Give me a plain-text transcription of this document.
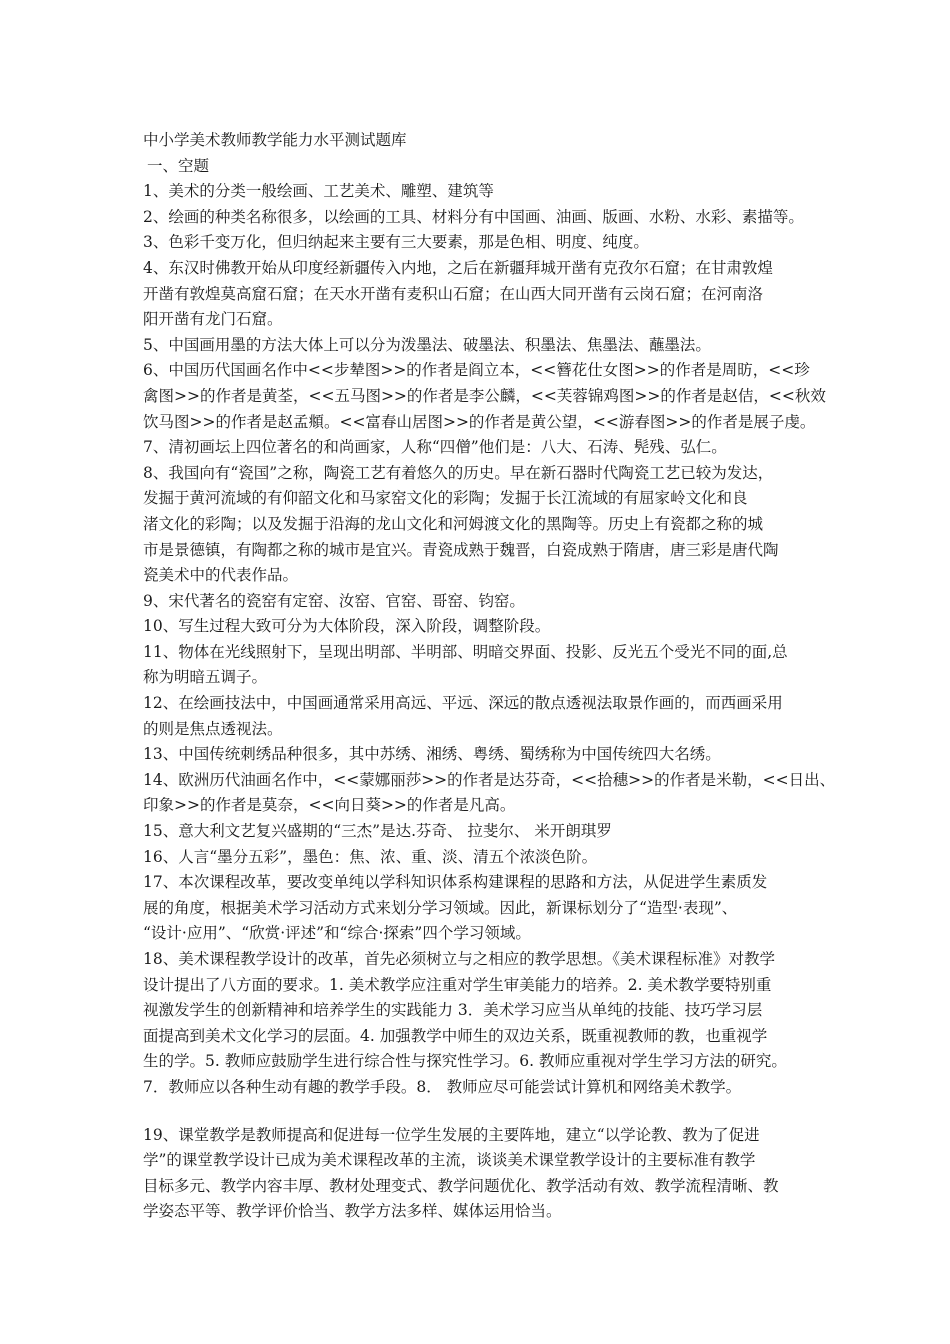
中小学美术教师教学能力水平测试题库

一、空题

1、美术的分类一般绘画、工艺美术、雕塑、建筑等

2、绘画的种类名称很多，以绘画的工具、材料分有中国画、油画、版画、水粉、水彩、素描等。

3、色彩千变万化，但归纳起来主要有三大要素，那是色相、明度、纯度。

4、东汉时佛教开始从印度经新疆传入内地，之后在新疆拜城开凿有克孜尔石窟；在甘肃敦煌

开凿有敦煌莫高窟石窟；在天水开凿有麦积山石窟；在山西大同开凿有云岗石窟；在河南洛

阳开凿有龙门石窟。

5、中国画用墨的方法大体上可以分为泼墨法、破墨法、积墨法、焦墨法、蘸墨法。

6、中国历代国画名作中<<步辇图>>的作者是阎立本，<<簪花仕女图>>的作者是周昉，<<珍

禽图>>的作者是黄荃，<<五马图>>的作者是李公麟，<<芙蓉锦鸡图>>的作者是赵佶，<<秋效

饮马图>>的作者是赵孟頫。<<富春山居图>>的作者是黄公望，<<游春图>>的作者是展子虔。

7、清初画坛上四位著名的和尚画家，人称“四僧”他们是：八大、石涛、髡残、弘仁。

8、我国向有“瓷国”之称，陶瓷工艺有着悠久的历史。早在新石器时代陶瓷工艺已较为发达，

发掘于黄河流域的有仰韶文化和马家窑文化的彩陶；发掘于长江流域的有屈家岭文化和良

渚文化的彩陶；以及发掘于沿海的龙山文化和河姆渡文化的黑陶等。历史上有瓷都之称的城

市是景德镇，有陶都之称的城市是宜兴。青瓷成熟于魏晋，白瓷成熟于隋唐，唐三彩是唐代陶

瓷美术中的代表作品。

9、宋代著名的瓷窑有定窑、汝窑、官窑、哥窑、钧窑。

10、写生过程大致可分为大体阶段，深入阶段，调整阶段。

11、物体在光线照射下，呈现出明部、半明部、明暗交界面、投影、反光五个受光不同的面,总

称为明暗五调子。

12、在绘画技法中，中国画通常采用高远、平远、深远的散点透视法取景作画的，而西画采用

的则是焦点透视法。

13、中国传统刺绣品种很多，其中苏绣、湘绣、粤绣、蜀绣称为中国传统四大名绣。

14、欧洲历代油画名作中，<<蒙娜丽莎>>的作者是达芬奇，<<拾穗>>的作者是米勒，<<日出、

印象>>的作者是莫奈，<<向日葵>>的作者是凡高。

15、意大利文艺复兴盛期的“三杰”是达.芬奇、 拉斐尔、 米开朗琪罗

16、人言“墨分五彩”，墨色：焦、浓、重、淡、清五个浓淡色阶。

17、本次课程改革，要改变单纯以学科知识体系构建课程的思路和方法，从促进学生素质发

展的角度，根据美术学习活动方式来划分学习领域。因此，新课标划分了“造型·表现”、

“设计·应用”、“欣赏·评述”和“综合·探索”四个学习领域。

18、美术课程教学设计的改革，首先必须树立与之相应的教学思想。《美术课程标准》对教学

设计提出了八方面的要求。1. 美术教学应注重对学生审美能力的培养。2. 美术教学要特别重

视激发学生的创新精神和培养学生的实践能力 3．美术学习应当从单纯的技能、技巧学习层

面提高到美术文化学习的层面。4. 加强教学中师生的双边关系，既重视教师的教，也重视学

生的学。5. 教师应鼓励学生进行综合性与探究性学习。6. 教师应重视对学生学习方法的研究。

7．教师应以各种生动有趣的教学手段。8． 教师应尽可能尝试计算机和网络美术教学。

19、课堂教学是教师提高和促进每一位学生发展的主要阵地，建立“以学论教、教为了促进

学”的课堂教学设计已成为美术课程改革的主流，谈谈美术课堂教学设计的主要标准有教学

目标多元、教学内容丰厚、教材处理变式、教学问题优化、教学活动有效、教学流程清晰、教

学姿态平等、教学评价恰当、教学方法多样、媒体运用恰当。
